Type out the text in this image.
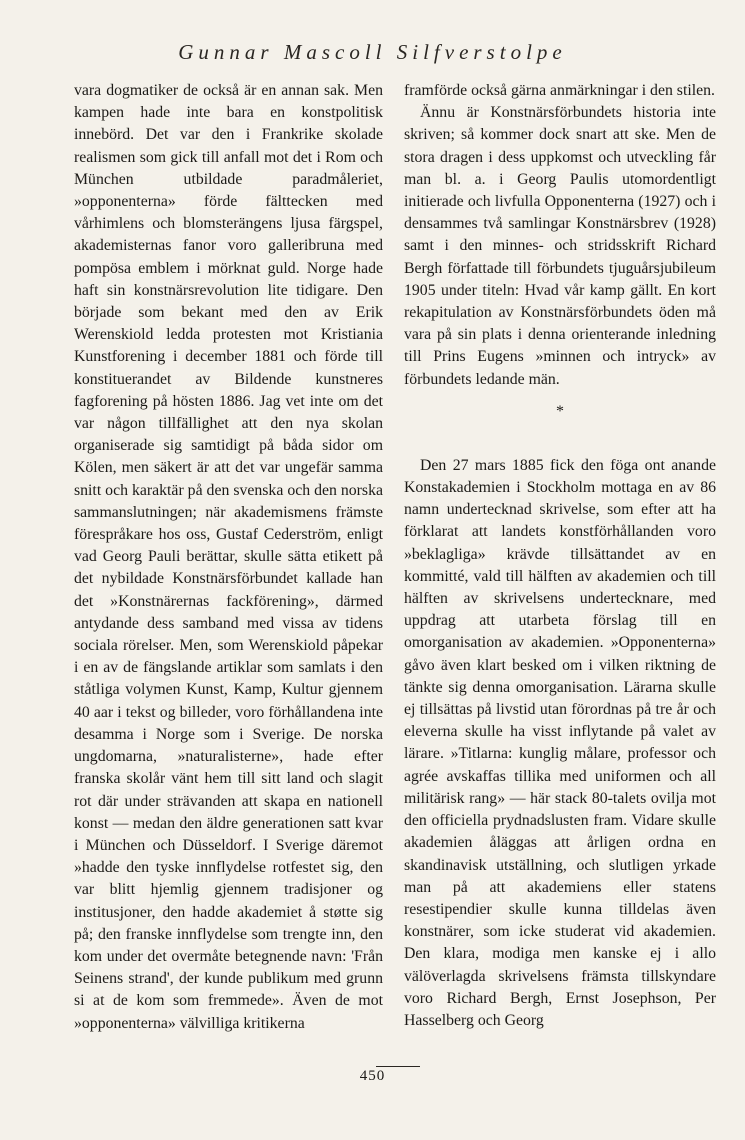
Gunnar Mascoll Silfverstolpe

vara dogmatiker de också är en annan sak. Men kampen hade inte bara en konstpolitisk innebörd. Det var den i Frankrike skolade realismen som gick till anfall mot det i Rom och München utbildade paradmåleriet, »opponenterna» förde fälttecken med vårhimlens och blomsterängens ljusa färgspel, akademisternas fanor voro galleribruna med pompösa emblem i mörknat guld. Norge hade haft sin konstnärsrevolution lite tidigare. Den började som bekant med den av Erik Werenskiold ledda protesten mot Kristiania Kunstforening i december 1881 och förde till konstituerandet av Bildende kunstneres fagforening på hösten 1886. Jag vet inte om det var någon tillfällighet att den nya skolan organiserade sig samtidigt på båda sidor om Kölen, men säkert är att det var ungefär samma snitt och karaktär på den svenska och den norska sammanslutningen; när akademismens främste förespråkare hos oss, Gustaf Cederström, enligt vad Georg Pauli berättar, skulle sätta etikett på det nybildade Konstnärsförbundet kallade han det »Konstnärernas fackförening», därmed antydande dess samband med vissa av tidens sociala rörelser. Men, som Werenskiold påpekar i en av de fängslande artiklar som samlats i den ståtliga volymen Kunst, Kamp, Kultur gjennem 40 aar i tekst og billeder, voro förhållandena inte desamma i Norge som i Sverige. De norska ungdomarna, »naturalisterne», hade efter franska skolår vänt hem till sitt land och slagit rot där under strävanden att skapa en nationell konst — medan den äldre generationen satt kvar i München och Düsseldorf. I Sverige däremot »hadde den tyske innflydelse rotfestet sig, den var blitt hjemlig gjennem tradisjoner og institusjoner, den hadde akademiet å støtte sig på; den franske innflydelse som trengte inn, den kom under det overmåte betegnende navn: 'Från Seinens strand', der kunde publikum med grunn si at de kom som fremmede». Även de mot »opponenterna» välvilliga kritikerna

framförde också gärna anmärkningar i den stilen.

Ännu är Konstnärsförbundets historia inte skriven; så kommer dock snart att ske. Men de stora dragen i dess uppkomst och utveckling får man bl. a. i Georg Paulis utomordentligt initierade och livfulla Opponenterna (1927) och i densammes två samlingar Konstnärsbrev (1928) samt i den minnes- och stridsskrift Richard Bergh författade till förbundets tjuguårsjubileum 1905 under titeln: Hvad vår kamp gällt. En kort rekapitulation av Konstnärsförbundets öden må vara på sin plats i denna orienterande inledning till Prins Eugens »minnen och intryck» av förbundets ledande män.

*

Den 27 mars 1885 fick den föga ont anande Konstakademien i Stockholm mottaga en av 86 namn undertecknad skrivelse, som efter att ha förklarat att landets konstförhållanden voro »beklagliga» krävde tillsättandet av en kommitté, vald till hälften av akademien och till hälften av skrivelsens undertecknare, med uppdrag att utarbeta förslag till en omorganisation av akademien. »Opponenterna» gåvo även klart besked om i vilken riktning de tänkte sig denna omorganisation. Lärarna skulle ej tillsättas på livstid utan förordnas på tre år och eleverna skulle ha visst inflytande på valet av lärare. »Titlarna: kunglig målare, professor och agrée avskaffas tillika med uniformen och all militärisk rang» — här stack 80-talets ovilja mot den officiella prydnadslusten fram. Vidare skulle akademien åläggas att årligen ordna en skandinavisk utställning, och slutligen yrkade man på att akademiens eller statens resestipendier skulle kunna tilldelas även konstnärer, som icke studerat vid akademien. Den klara, modiga men kanske ej i allo välöverlagda skrivelsens främsta tillskyndare voro Richard Bergh, Ernst Josephson, Per Hasselberg och Georg

450
